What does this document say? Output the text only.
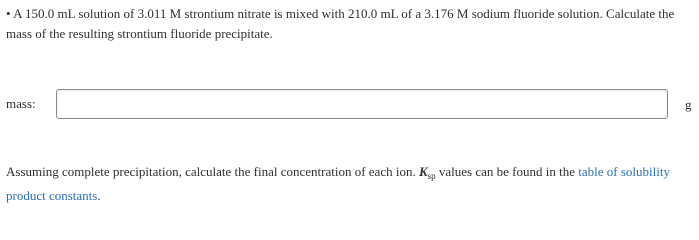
• A 150.0 mL solution of 3.011 M strontium nitrate is mixed with 210.0 mL of a 3.176 M sodium fluoride solution. Calculate the
mass of the resulting strontium fluoride precipitate.
mass:	g
Assuming complete precipitation, calculate the final concentration of each ion. $K_{sp}$ values can be found in the table of solubility product constants.
